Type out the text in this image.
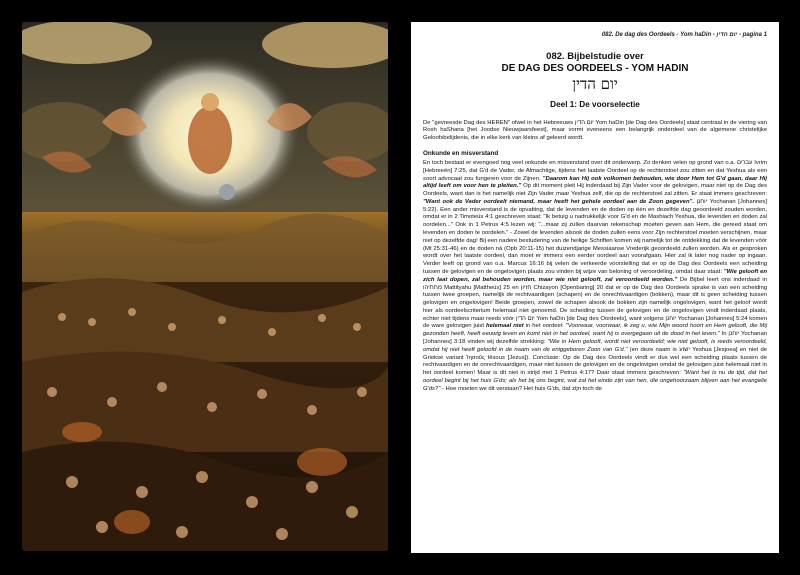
082. De dag des Oordeels - Yom haDin - יום הדין - pagina 1
082. Bijbelstudie over
DE DAG DES OORDEELS - YOM HADIN
יום הדין
Deel 1: De voorselectie

De "gevreesde Dag des HEREN" ofwel in het Hebreeuws יום הדין Yom haDin [de Dag des Oordeels] staat centraal in de viering van Rosh haShana [het Joodse Nieuwjaarsfeest], maar vormt eveneens een belangrijk onderdeel van de algemene christelijke Geloofsbelijdenis, die in elke kerk van kleins af geleerd wordt.

Onkunde en misverstand

En toch bestaat er evengoed nog veel onkunde en misverstand over dit onderwerp. Zo denken velen op grond van o.a. עברים Ivrim [Hebreeën] 7:25, dat G'd de Vader, de Almachtige, tijdens het laatste Oordeel op de rechterstoel zou zitten en dat Yeshua als een soort advocaat zou fungeren voor de Zijnen. "Daarom kan Hij ook volkomen behouden, wie door Hem tot G'd gaan, daar Hij altijd leeft om voor hen te pleiten." Op dit moment pleit Hij inderdaad bij Zijn Vader voor de gelovigen, maar niet op de Dag des Oordeels, want dan is het namelijk niet Zijn Vader maar Yeshua zelf, die op de rechterstoel zal zitten. Er staat immers geschreven: "Want ook de Vader oordeelt niemand, maar heeft het gehele oordeel aan de Zoon gegeven". יוחנן Yochanan [Johannes] 5:22). Een ander misverstand is de opvatting, dat de levenden en de doden op één en dezelfde dag geoordeeld zouden worden, omdat er in 2 Timoteüs 4:1 geschreven staat: "Ik betuig u nadrukkelijk voor G'd en de Mashiach Yeshua, die levenden en doden zal oordelen..." Ook in 1 Petrus 4:5 lezen wij: "...maar zij zullen daarvan rekenschap moeten geven aan Hem, die gereed staat om levenden en doden te oordelen." - Zowel de levenden alsook de doden zullen eens voor Zijn rechterstoel moeten verschijnen, maar niet op dezelfde dag! Bij een nadere bestudering van de heilige Schriften komen wij namelijk tot de ontdekking dat de levenden vóór (Mt 25:31-46) en de doden ná (Opb 20:11-15) het duizendjarige Messiaanse Vrederijk geoordeeld zullen worden. Als er gesproken wordt over het laatste oordeel, dan moet er immers een eerder oordeel aan voorafgaan. Hier zal ik later nog nader op ingaan. Verder leeft op grond van o.a. Marcus 16:16 bij velen de verkeerde voorstelling dat er op de Dag des Oordeels een scheiding tussen de gelovigen en de ongelovigen plaats zou vinden bij wijze van beloning of veroordeling, omdat daar staat: "Wie gelooft en zich laat dopen, zal behouden worden, maar wie niet gelooft, zal veroordeeld worden." De Bijbel leert ons inderdaad in מתתיהו Mattityahu [Mattheüs] 25 en חזיון Chizayon [Openbaring] 20 dat er op de Dag des Oordeels sprake is van een scheiding tussen twee groepen, namelijk de rechtvaardigen (schapen) en de onrechtvaardigen (bokken), maar dit is geen scheiding tussen gelovigen en ongelovigen! Beide groepen, zowel de schapen alsook de bokken zijn namelijk ongelovigen, want het geloof wordt hier als oordeelscriterium helemaal niet genoemd. De scheiding tussen de gelovigen en de ongelovigen vindt inderdaad plaats, echter niet tijdens maar reeds vóór יום הדין Yom haDin [de Dag des Oordeels], want volgens יוחנן Yochanan [Johannes] 5:24 komen de ware gelovigen juist helemaal niet in het oordeel: "Voorwaar, voorwaar, ik zeg u, wie Mijn woord hoort en Hem gelooft, die Mij gezonden heeft, heeft eeuwig leven en komt niet in het oordeel, want hij is overgegaan uit de dood in het leven." In יוחנן Yochanan [Johannes] 3:18 vinden wij dezelfde strekking: "Wie in Hem gelooft, wordt niet veroordeeld; wie niet gelooft, is reeds veroordeeld, omdat hij niet heeft geloofd in de naam van de eniggeboren Zoon van G'd." (en deze naam is ישוע Yeshua [Jesjoea] en niet de Griekse variant Ἰησοῦς Iēsous [Jezus]). Conclusie: Op de Dag des Oordeels vindt er dus wel een scheiding plaats tussen de rechtvaardigen en de onrechtvaardigen, maar niet tussen de gelovigen en de ongelovigen omdat de gelovigen juist helemaal niet in het oordeel komen! Maar is dit niet in strijd met 1 Petrus 4:17? Daar staat immers geschreven: "Want het is nu de tijd, dat het oordeel begint bij het huis G'ds; als het bij ons begint, wat zal het einde zijn van hen, die ongehoorzaam blijven aan het evangelie G'ds?" - Hoe moeten we dit verstaan? Het huis G'ds, dat zijn toch de
